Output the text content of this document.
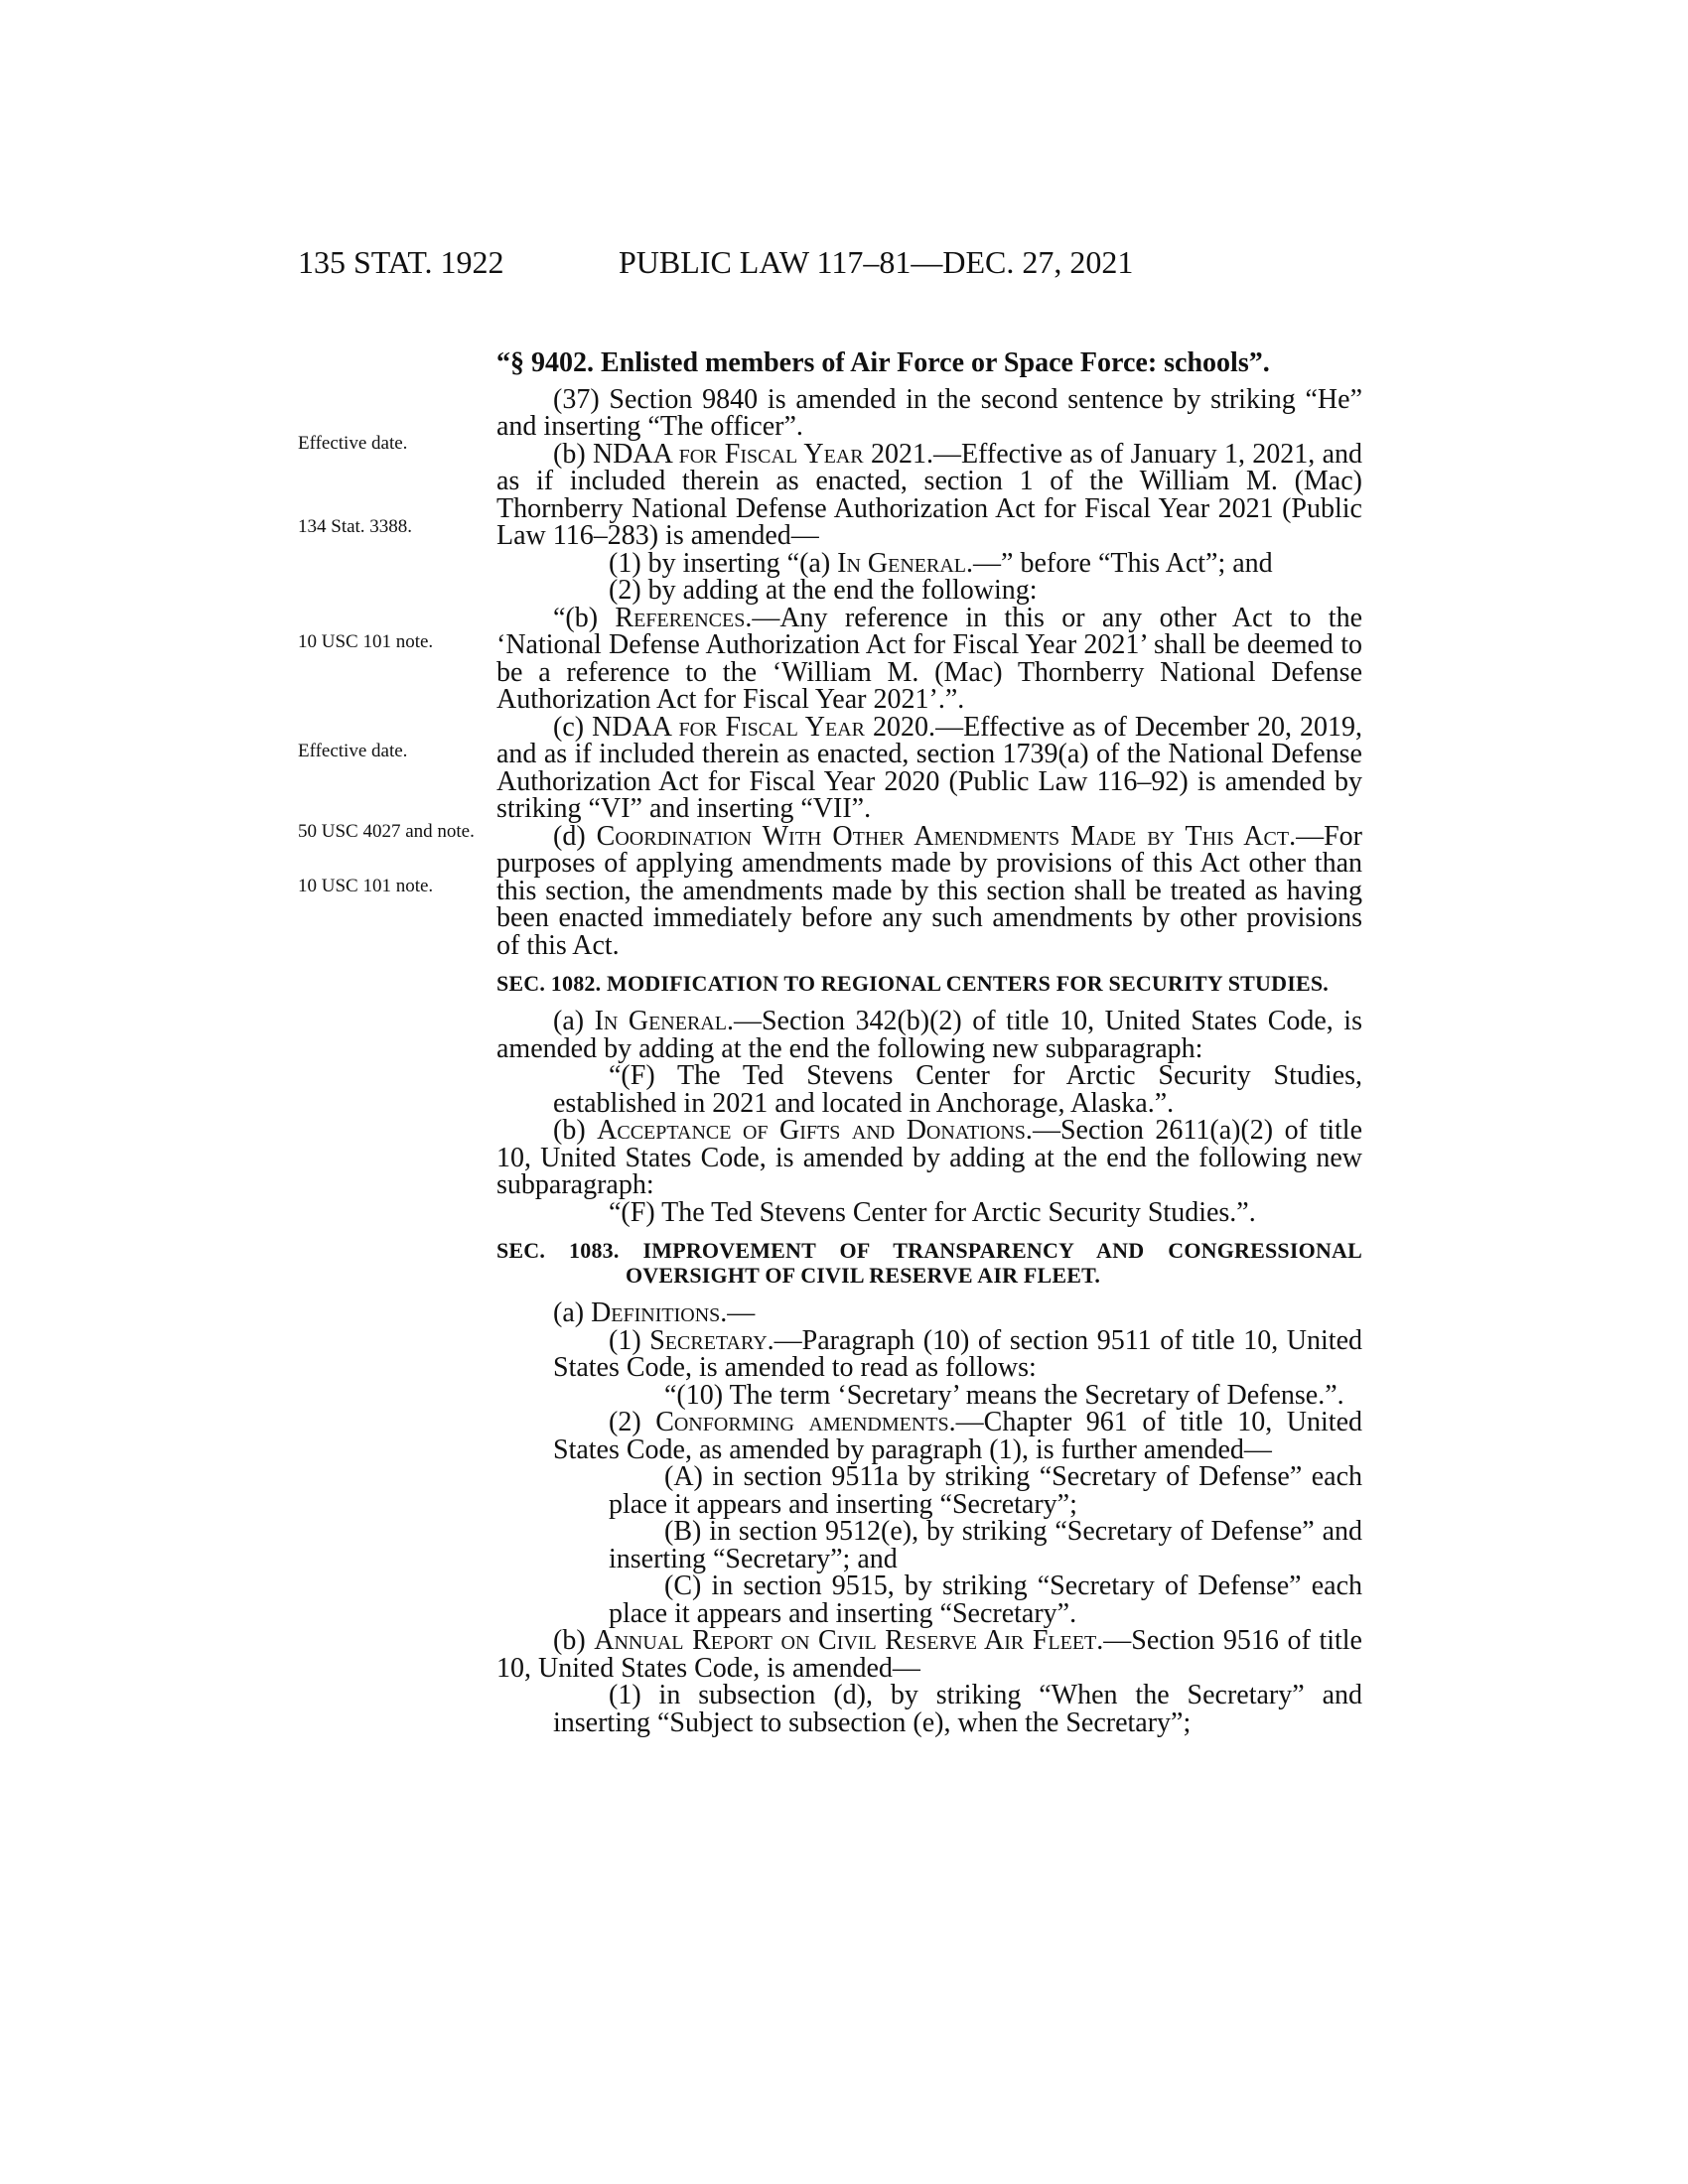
135 STAT. 1922	PUBLIC LAW 117–81—DEC. 27, 2021
Effective date.
134 Stat. 3388.
10 USC 101 note.
Effective date.
50 USC 4027 and note.
10 USC 101 note.

“§ 9402. Enlisted members of Air Force or Space Force: schools”.

(37) Section 9840 is amended in the second sentence by striking “He” and inserting “The officer”.

(b) NDAA for Fiscal Year 2021.—Effective as of January 1, 2021, and as if included therein as enacted, section 1 of the William M. (Mac) Thornberry National Defense Authorization Act for Fiscal Year 2021 (Public Law 116–283) is amended—

(1) by inserting “(a) In General.—” before “This Act”; and

(2) by adding at the end the following:

“(b) References.—Any reference in this or any other Act to the ‘National Defense Authorization Act for Fiscal Year 2021’ shall be deemed to be a reference to the ‘William M. (Mac) Thornberry National Defense Authorization Act for Fiscal Year 2021’.”.

(c) NDAA for Fiscal Year 2020.—Effective as of December 20, 2019, and as if included therein as enacted, section 1739(a) of the National Defense Authorization Act for Fiscal Year 2020 (Public Law 116–92) is amended by striking “VI” and inserting “VII”.

(d) Coordination With Other Amendments Made by This Act.—For purposes of applying amendments made by provisions of this Act other than this section, the amendments made by this section shall be treated as having been enacted immediately before any such amendments by other provisions of this Act.

SEC. 1082. MODIFICATION TO REGIONAL CENTERS FOR SECURITY STUDIES.

(a) In General.—Section 342(b)(2) of title 10, United States Code, is amended by adding at the end the following new subparagraph:

“(F) The Ted Stevens Center for Arctic Security Studies, established in 2021 and located in Anchorage, Alaska.”.

(b) Acceptance of Gifts and Donations.—Section 2611(a)(2) of title 10, United States Code, is amended by adding at the end the following new subparagraph:

“(F) The Ted Stevens Center for Arctic Security Studies.”.

SEC. 1083. IMPROVEMENT OF TRANSPARENCY AND CONGRESSIONAL OVERSIGHT OF CIVIL RESERVE AIR FLEET.

(a) Definitions.—

(1) Secretary.—Paragraph (10) of section 9511 of title 10, United States Code, is amended to read as follows:

“(10) The term ‘Secretary’ means the Secretary of Defense.”.

(2) Conforming amendments.—Chapter 961 of title 10, United States Code, as amended by paragraph (1), is further amended—

(A) in section 9511a by striking “Secretary of Defense” each place it appears and inserting “Secretary”;

(B) in section 9512(e), by striking “Secretary of Defense” and inserting “Secretary”; and

(C) in section 9515, by striking “Secretary of Defense” each place it appears and inserting “Secretary”.

(b) Annual Report on Civil Reserve Air Fleet.—Section 9516 of title 10, United States Code, is amended—

(1) in subsection (d), by striking “When the Secretary” and inserting “Subject to subsection (e), when the Secretary”;
